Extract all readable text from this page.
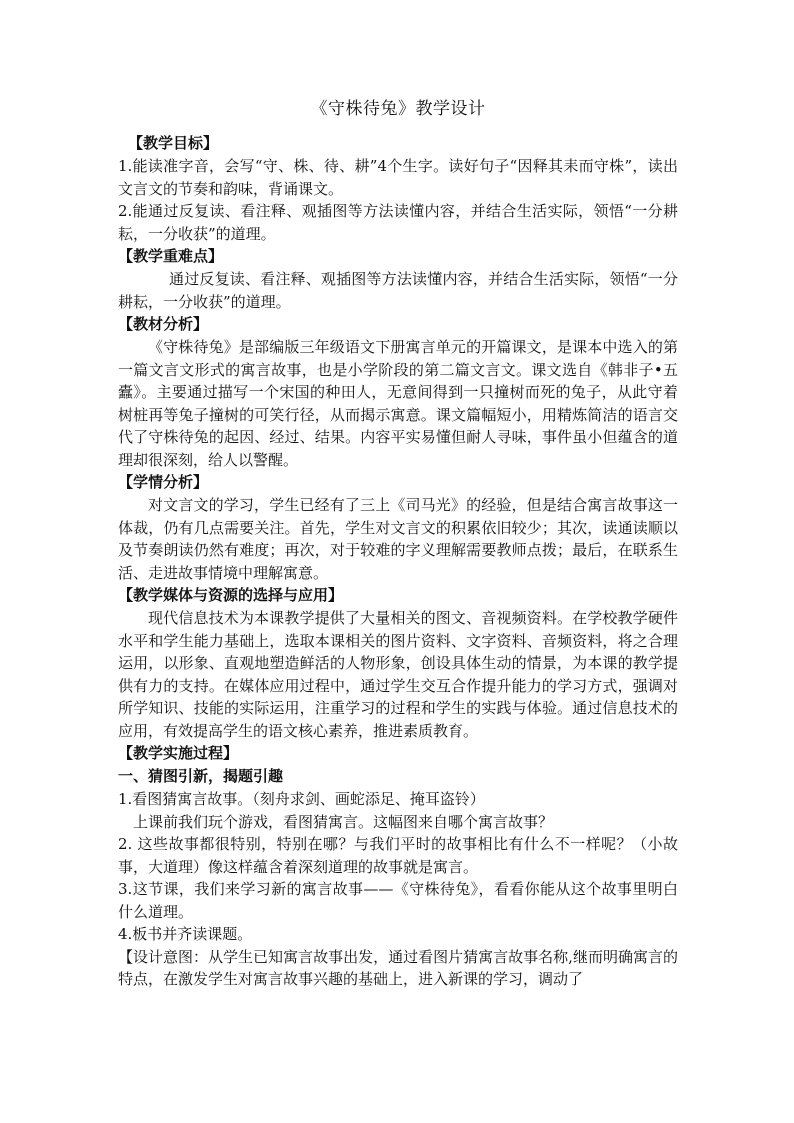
《守株待兔》教学设计

【教学目标】

1.能读准字音，会写“守、株、待、耕”4个生字。读好句子“因释其耒而守株”，读出文言文的节奏和韵味，背诵课文。

2.能通过反复读、看注释、观插图等方法读懂内容，并结合生活实际，领悟“一分耕耘，一分收获”的道理。

【教学重难点】

通过反复读、看注释、观插图等方法读懂内容，并结合生活实际，领悟“一分耕耘，一分收获”的道理。

【教材分析】

《守株待兔》是部编版三年级语文下册寓言单元的开篇课文，是课本中选入的第一篇文言文形式的寓言故事，也是小学阶段的第二篇文言文。课文选自《韩非子•五蠹》。主要通过描写一个宋国的种田人，无意间得到一只撞树而死的兔子，从此守着树桩再等兔子撞树的可笑行径，从而揭示寓意。课文篇幅短小，用精炼简洁的语言交代了守株待兔的起因、经过、结果。内容平实易懂但耐人寻味，事件虽小但蕴含的道理却很深刻，给人以警醒。

【学情分析】

对文言文的学习，学生已经有了三上《司马光》的经验，但是结合寓言故事这一体裁，仍有几点需要关注。首先，学生对文言文的积累依旧较少；其次，读通读顺以及节奏朗读仍然有难度；再次，对于较难的字义理解需要教师点拨；最后，在联系生活、走进故事情境中理解寓意。

【教学媒体与资源的选择与应用】

现代信息技术为本课教学提供了大量相关的图文、音视频资料。在学校教学硬件水平和学生能力基础上，选取本课相关的图片资料、文字资料、音频资料，将之合理运用，以形象、直观地塑造鲜活的人物形象，创设具体生动的情景，为本课的教学提供有力的支持。在媒体应用过程中，通过学生交互合作提升能力的学习方式，强调对所学知识、技能的实际运用，注重学习的过程和学生的实践与体验。通过信息技术的应用，有效提高学生的语文核心素养，推进素质教育。

【教学实施过程】

一、猜图引新，揭题引趣

1.看图猜寓言故事。（刻舟求剑、画蛇添足、掩耳盗铃）

上课前我们玩个游戏，看图猜寓言。这幅图来自哪个寓言故事？

2. 这些故事都很特别，特别在哪？与我们平时的故事相比有什么不一样呢？（小故事，大道理）像这样蕴含着深刻道理的故事就是寓言。

3.这节课，我们来学习新的寓言故事——《守株待兔》，看看你能从这个故事里明白什么道理。

4.板书并齐读课题。

【设计意图：从学生已知寓言故事出发，通过看图片猜寓言故事名称,继而明确寓言的特点，在激发学生对寓言故事兴趣的基础上，进入新课的学习，调动了
